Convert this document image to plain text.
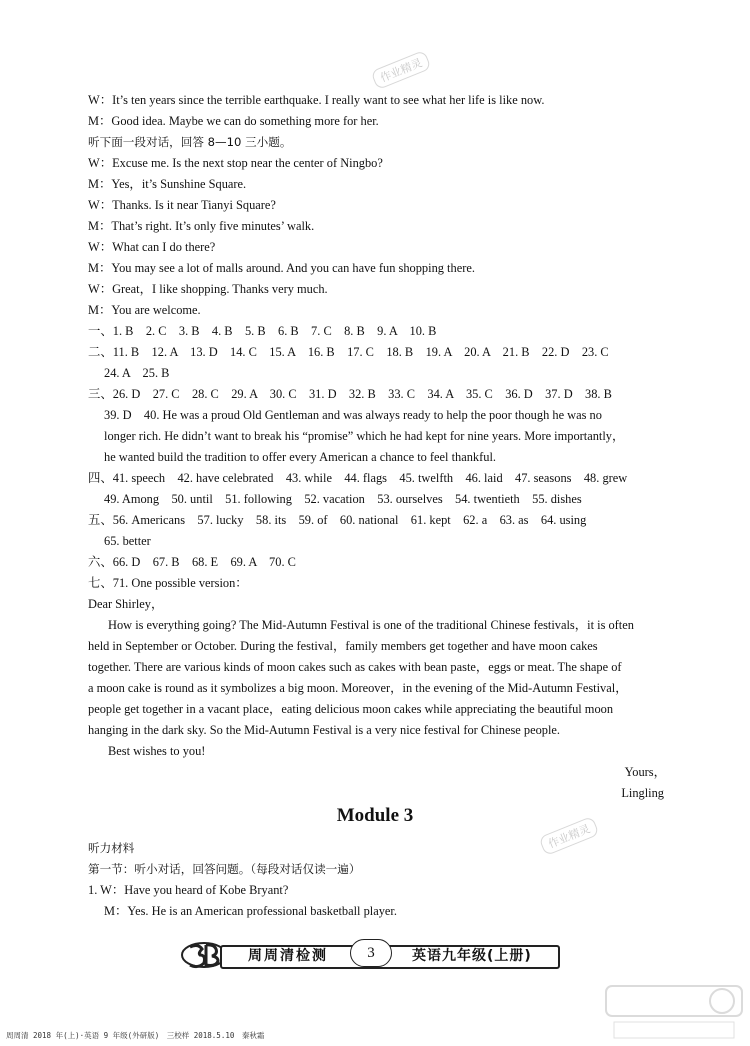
作业精灵
作业精灵
W：It’s ten years since the terrible earthquake. I really want to see what her life is like now.
M：Good idea. Maybe we can do something more for her.
听下面一段对话，回答 8—10 三小题。
W：Excuse me. Is the next stop near the center of Ningbo?
M：Yes，it’s Sunshine Square.
W：Thanks. Is it near Tianyi Square?
M：That’s right. It’s only five minutes’ walk.
W：What can I do there?
M：You may see a lot of malls around. And you can have fun shopping there.
W：Great，I like shopping. Thanks very much.
M：You are welcome.
一、1. B　2. C　3. B　4. B　5. B　6. B　7. C　8. B　9. A　10. B
二、11. B　12. A　13. D　14. C　15. A　16. B　17. C　18. B　19. A　20. A　21. B　22. D　23. C
24. A　25. B
三、26. D　27. C　28. C　29. A　30. C　31. D　32. B　33. C　34. A　35. C　36. D　37. D　38. B
39. D　40. He was a proud Old Gentleman and was always ready to help the poor though he was no
longer rich. He didn’t want to break his “promise” which he had kept for nine years. More importantly，
he wanted build the tradition to offer every American a chance to feel thankful.
四、41. speech　42. have celebrated　43. while　44. flags　45. twelfth　46. laid　47. seasons　48. grew
49. Among　50. until　51. following　52. vacation　53. ourselves　54. twentieth　55. dishes
五、56. Americans　57. lucky　58. its　59. of　60. national　61. kept　62. a　63. as　64. using
65. better
六、66. D　67. B　68. E　69. A　70. C
七、71. One possible version：
Dear Shirley，
How is everything going? The Mid-Autumn Festival is one of the traditional Chinese festivals，it is often
held in September or October. During the festival，family members get together and have moon cakes
together. There are various kinds of moon cakes such as cakes with bean paste，eggs or meat. The shape of
a moon cake is round as it symbolizes a big moon. Moreover，in the evening of the Mid-Autumn Festival，
people get together in a vacant place，eating delicious moon cakes while appreciating the beautiful moon
hanging in the dark sky. So the Mid-Autumn Festival is a very nice festival for Chinese people.
Best wishes to you!
Yours，
Lingling
Module 3
听力材料
第一节：听小对话，回答问题。（每段对话仅读一遍）
1. W：Have you heard of Kobe Bryant?
M：Yes. He is an American professional basketball player.
周周清检测	3	英语九年级(上册)
周周清 2018 年(上)·英语 9 年级(外研版)　三校样 2018.5.10　秦秋霜
